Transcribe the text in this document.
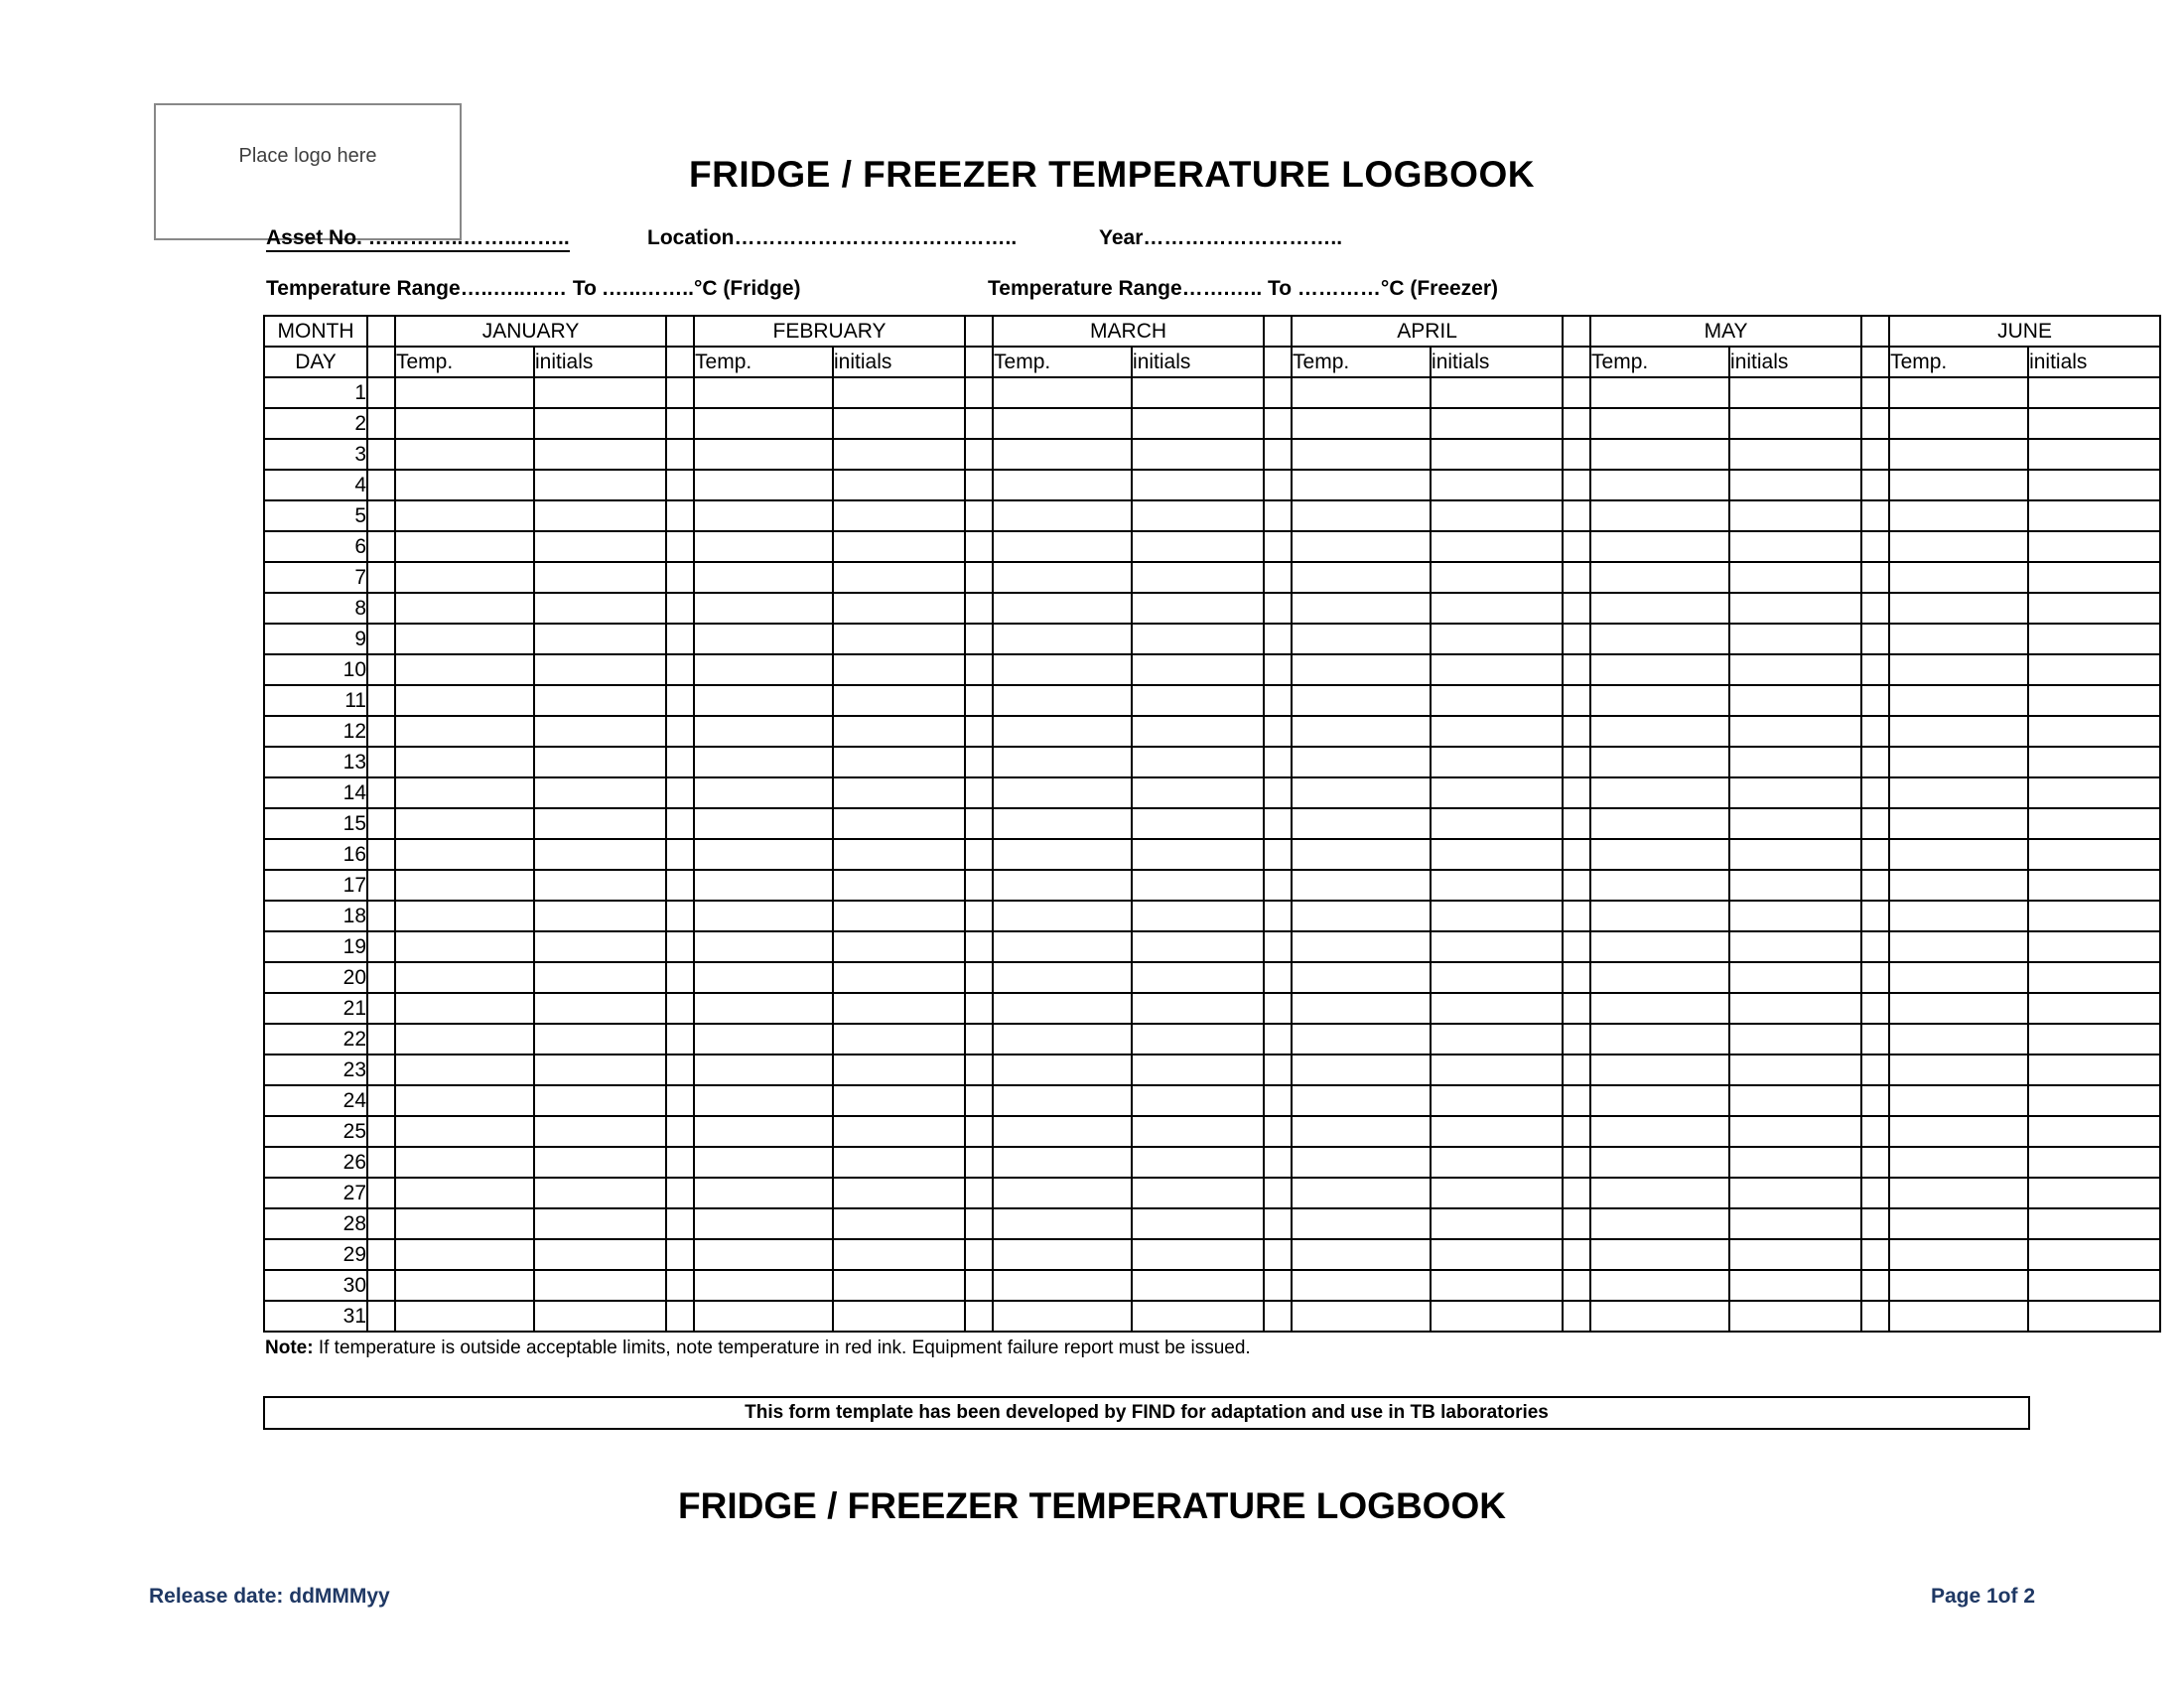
Place logo here	FRIDGE / FREEZER TEMPERATURE LOGBOOK
Asset No. …………..……..……..	Location…………………………………..	Year………………………..
Temperature Range…..…..…… To .…..……..°C (Fridge)	Temperature Range…….….. To …………°C (Freezer)
MONTH		JANUARY			FEBRUARY			MARCH			APRIL			MAY			JUNE	
DAY		Temp.	initials		Temp.	initials		Temp.	initials		Temp.	initials		Temp.	initials		Temp.	initials
1																		
2																		
3																		
4																		
5																		
6																		
7																		
8																		
9																		
10																		
11																		
12																		
13																		
14																		
15																		
16																		
17																		
18																		
19																		
20																		
21																		
22																		
23																		
24																		
25																		
26																		
27																		
28																		
29																		
30																		
31																		
Note: If temperature is outside acceptable limits, note temperature in red ink. Equipment failure report must be issued.
This form template has been developed by FIND for adaptation and use in TB laboratories
FRIDGE / FREEZER TEMPERATURE LOGBOOK
Release date: ddMMMyy	Page 1of 2
